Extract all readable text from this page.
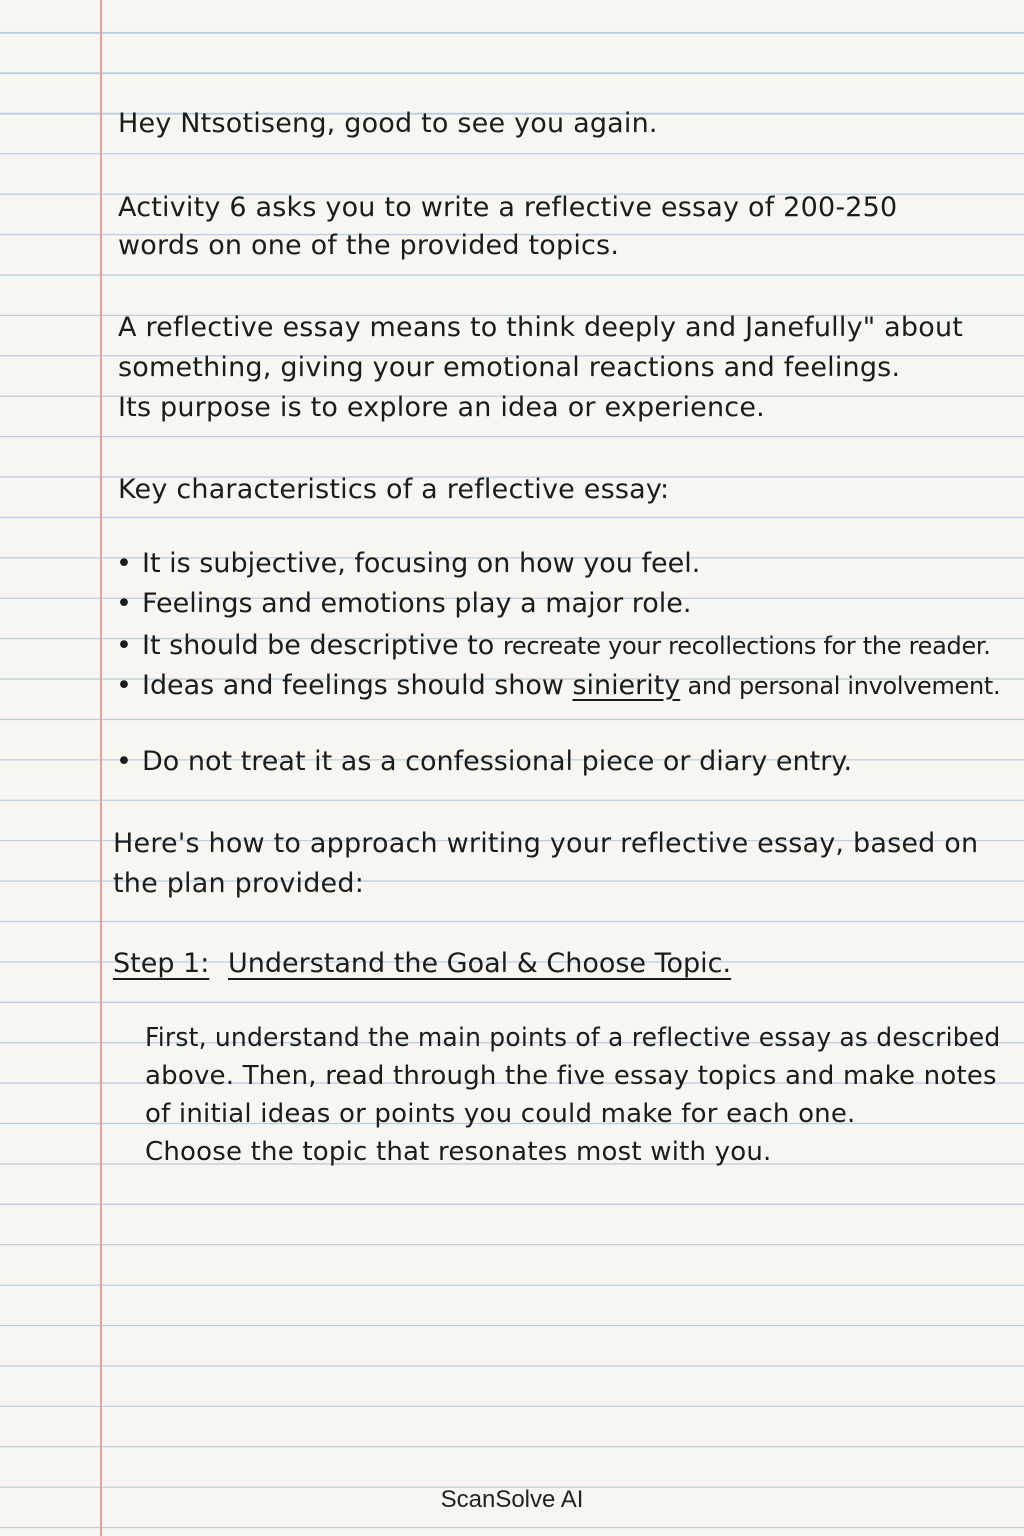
Hey Ntsotiseng, good to see you again.
Activity 6 asks you to write a reflective essay of 200-250
words on one of the provided topics.
A reflective essay means to think deeply and Janefully" about
something, giving your emotional reactions and feelings.
Its purpose is to explore an idea or experience.
Key characteristics of a reflective essay:
• It is subjective, focusing on how you feel.
• Feelings and emotions play a major role.
• It should be descriptive to recreate your recollections for the reader.
• Ideas and feelings should show sinierity and personal involvement.
• Do not treat it as a confessional piece or diary entry.
Here's how to approach writing your reflective essay, based on
the plan provided:
Step 1: Understand the Goal & Choose Topic.
First, understand the main points of a reflective essay as described
above. Then, read through the five essay topics and make notes
of initial ideas or points you could make for each one.
Choose the topic that resonates most with you.
ScanSolve AI
